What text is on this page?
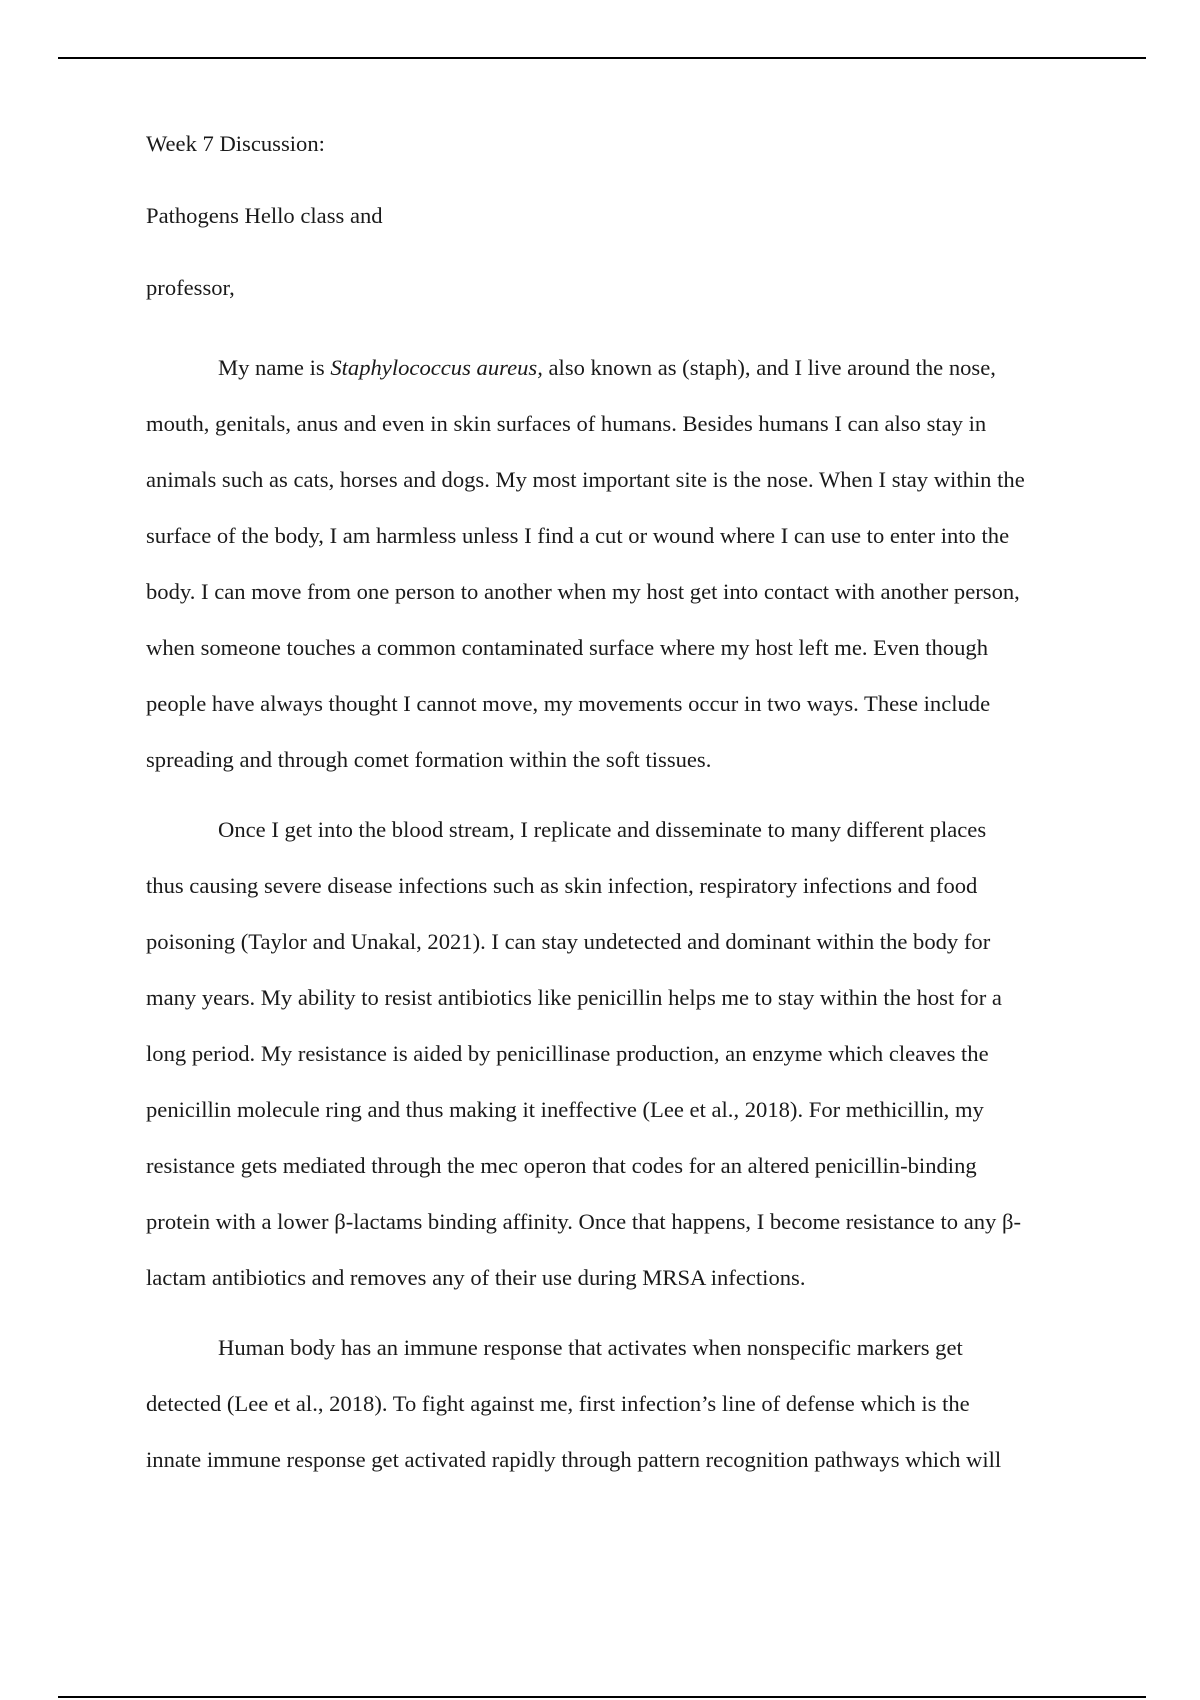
Week 7 Discussion:
Pathogens Hello class and
professor,
My name is Staphylococcus aureus, also known as (staph), and I live around the nose,
mouth, genitals, anus and even in skin surfaces of humans. Besides humans I can also stay in
animals such as cats, horses and dogs. My most important site is the nose. When I stay within the
surface of the body, I am harmless unless I find a cut or wound where I can use to enter into the
body. I can move from one person to another when my host get into contact with another person,
when someone touches a common contaminated surface where my host left me. Even though
people have always thought I cannot move, my movements occur in two ways. These include
spreading and through comet formation within the soft tissues.
Once I get into the blood stream, I replicate and disseminate to many different places
thus causing severe disease infections such as skin infection, respiratory infections and food
poisoning (Taylor and Unakal, 2021). I can stay undetected and dominant within the body for
many years. My ability to resist antibiotics like penicillin helps me to stay within the host for a
long period. My resistance is aided by penicillinase production, an enzyme which cleaves the
penicillin molecule ring and thus making it ineffective (Lee et al., 2018). For methicillin, my
resistance gets mediated through the mec operon that codes for an altered penicillin-binding
protein with a lower β-lactams binding affinity. Once that happens, I become resistance to any β-
lactam antibiotics and removes any of their use during MRSA infections.
Human body has an immune response that activates when nonspecific markers get
detected (Lee et al., 2018). To fight against me, first infection’s line of defense which is the
innate immune response get activated rapidly through pattern recognition pathways which will
